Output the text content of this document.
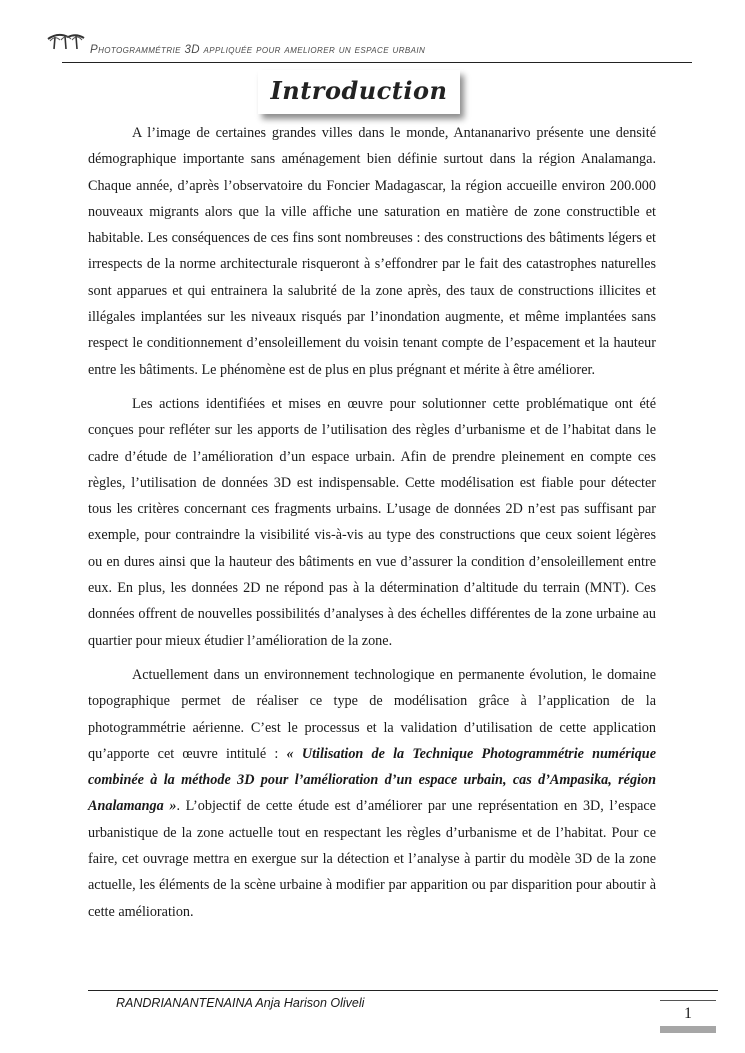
Photogrammétrie 3D appliquée pour ameliorer un espace urbain
Introduction

A l’image de certaines grandes villes dans le monde, Antananarivo présente une densité démographique importante sans aménagement bien définie surtout dans la région Analamanga. Chaque année, d’après l’observatoire du Foncier Madagascar, la région accueille environ 200.000 nouveaux migrants alors que la ville affiche une saturation en matière de zone constructible et habitable. Les conséquences de ces fins sont nombreuses : des constructions des bâtiments légers et irrespects de la norme architecturale risqueront à s’effondrer par le fait des catastrophes naturelles sont apparues et qui entrainera la salubrité de la zone après, des taux de constructions illicites et illégales implantées sur les niveaux risqués par l’inondation augmente, et même implantées sans respect le conditionnement d’ensoleillement du voisin tenant compte de l’espacement et la hauteur entre les bâtiments. Le phénomène est de plus en plus prégnant et mérite à être améliorer.

Les actions identifiées et mises en œuvre pour solutionner cette problématique ont été conçues pour refléter sur les apports de l’utilisation des règles d’urbanisme et de l’habitat dans le cadre d’étude de l’amélioration d’un espace urbain. Afin de prendre pleinement en compte ces règles, l’utilisation de données 3D est indispensable. Cette modélisation est fiable pour détecter tous les critères concernant ces fragments urbains. L’usage de données 2D n’est pas suffisant par exemple, pour contraindre la visibilité vis-à-vis au type des constructions que ceux soient légères ou en dures ainsi que la hauteur des bâtiments en vue d’assurer la condition d’ensoleillement entre eux. En plus, les données 2D ne répond pas à la détermination d’altitude du terrain (MNT). Ces données offrent de nouvelles possibilités d’analyses à des échelles différentes de la zone urbaine au quartier pour mieux étudier l’amélioration de la zone.

Actuellement dans un environnement technologique en permanente évolution, le domaine topographique permet de réaliser ce type de modélisation grâce à l’application de la photogrammétrie aérienne. C’est le processus et la validation d’utilisation de cette application qu’apporte cet œuvre intitulé : « Utilisation de la Technique Photogrammétrie numérique combinée à la méthode 3D pour l’amélioration d’un espace urbain, cas d’Ampasika, région Analamanga ». L’objectif de cette étude est d’améliorer par une représentation en 3D, l’espace urbanistique de la zone actuelle tout en respectant les règles d’urbanisme et de l’habitat. Pour ce faire, cet ouvrage mettra en exergue sur la détection et l’analyse à partir du modèle 3D de la zone actuelle, les éléments de la scène urbaine à modifier par apparition ou par disparition pour aboutir à cette amélioration.

RANDRIANANTENAINA Anja Harison Oliveli
1
